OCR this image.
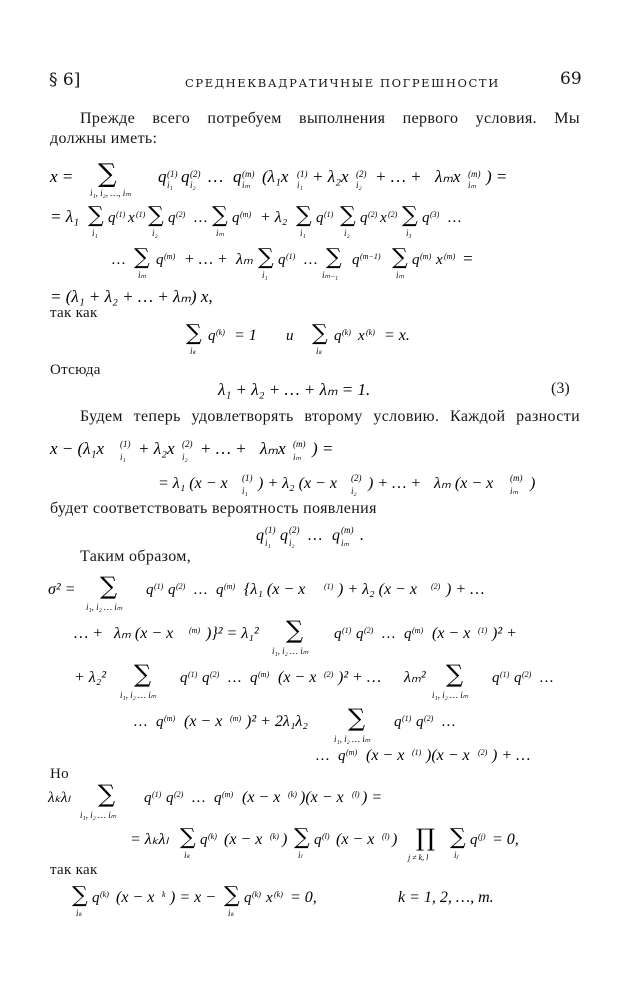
§ 6]	СРЕДНЕКВАДРАТИЧНЫЕ ПОГРЕШНОСТИ	69
Прежде всего потребуем выполнения первого условия. Мы
должны иметь:
x = ∑
i₁, i₂, …, iₘ
q (1)
i₁ q (2)
i₂ … q (m)
iₘ (λ₁x (1)
i₁ + λ₂x (2)
i₂ + … + λₘx (m)
iₘ ) =
= λ₁ ∑
i₁
q (1) x (1) ∑
i₂
q (2) … ∑
iₘ
q (m) + λ₂ ∑
i₁
q (1) ∑
i₂
q (2) x (2) ∑
i₃
q (3) …
… ∑
iₘ
q (m) + … + λₘ ∑
i₁
q (1) … ∑
iₘ₋₁
q (m−1) ∑
iₘ
q (m) x (m) =
= (λ₁ + λ₂ + … + λₘ) x,
так как
∑
iₖ
q (k) = 1 и ∑
iₖ
q (k) x (k) = x.
Отсюда
λ₁ + λ₂ + … + λₘ = 1.	(3)
Будем теперь удовлетворять второму условию. Каждой разности
x − (λ₁x (1)
i₁ + λ₂x (2)
i₂ + … + λₘx (m)
iₘ ) =
= λ₁ (x − x (1)
i₁ ) + λ₂ (x − x (2)
i₂ ) + … + λₘ (x − x (m)
iₘ )
будет соответствовать вероятность появления
q (1)
i₁ q (2)
i₂ … q (m)
iₘ .
Таким образом,
σ² = ∑
i₁, i₂ … iₘ
q (1) q (2) … q (m) {λ₁ (x − x (1) ) + λ₂ (x − x (2) ) + …
… + λₘ (x − x (m) )}² = λ₁² ∑
i₁, i₂ … iₘ
q (1) q (2) … q (m) (x − x (1) )² +
+ λ₂² ∑
i₁, i₂ … iₘ
q (1) q (2) … q (m) (x − x (2) )² + … λₘ² ∑
i₁, i₂ … iₘ
q (1) q (2) …
… q (m) (x − x (m) )² + 2λ₁λ₂ ∑
i₁, i₂ … iₘ
q (1) q (2) …
… q (m) (x − x (1) )(x − x (2) ) + …
Но
λₖλₗ ∑
i₁, i₂ … iₘ
q (1) q (2) … q (m) (x − x (k) )(x − x (l) ) =
= λₖλₗ ∑
iₖ
q (k) (x − x (k) ) ∑
iₗ
q (l) (x − x (l) ) ∏
j ≠ k, l
∑
iⱼ
q (j) = 0,
так как
∑
iₖ
q (k) (x − x k ) = x − ∑
iₖ
q (k) x (k) = 0,	k = 1, 2, …, m.
